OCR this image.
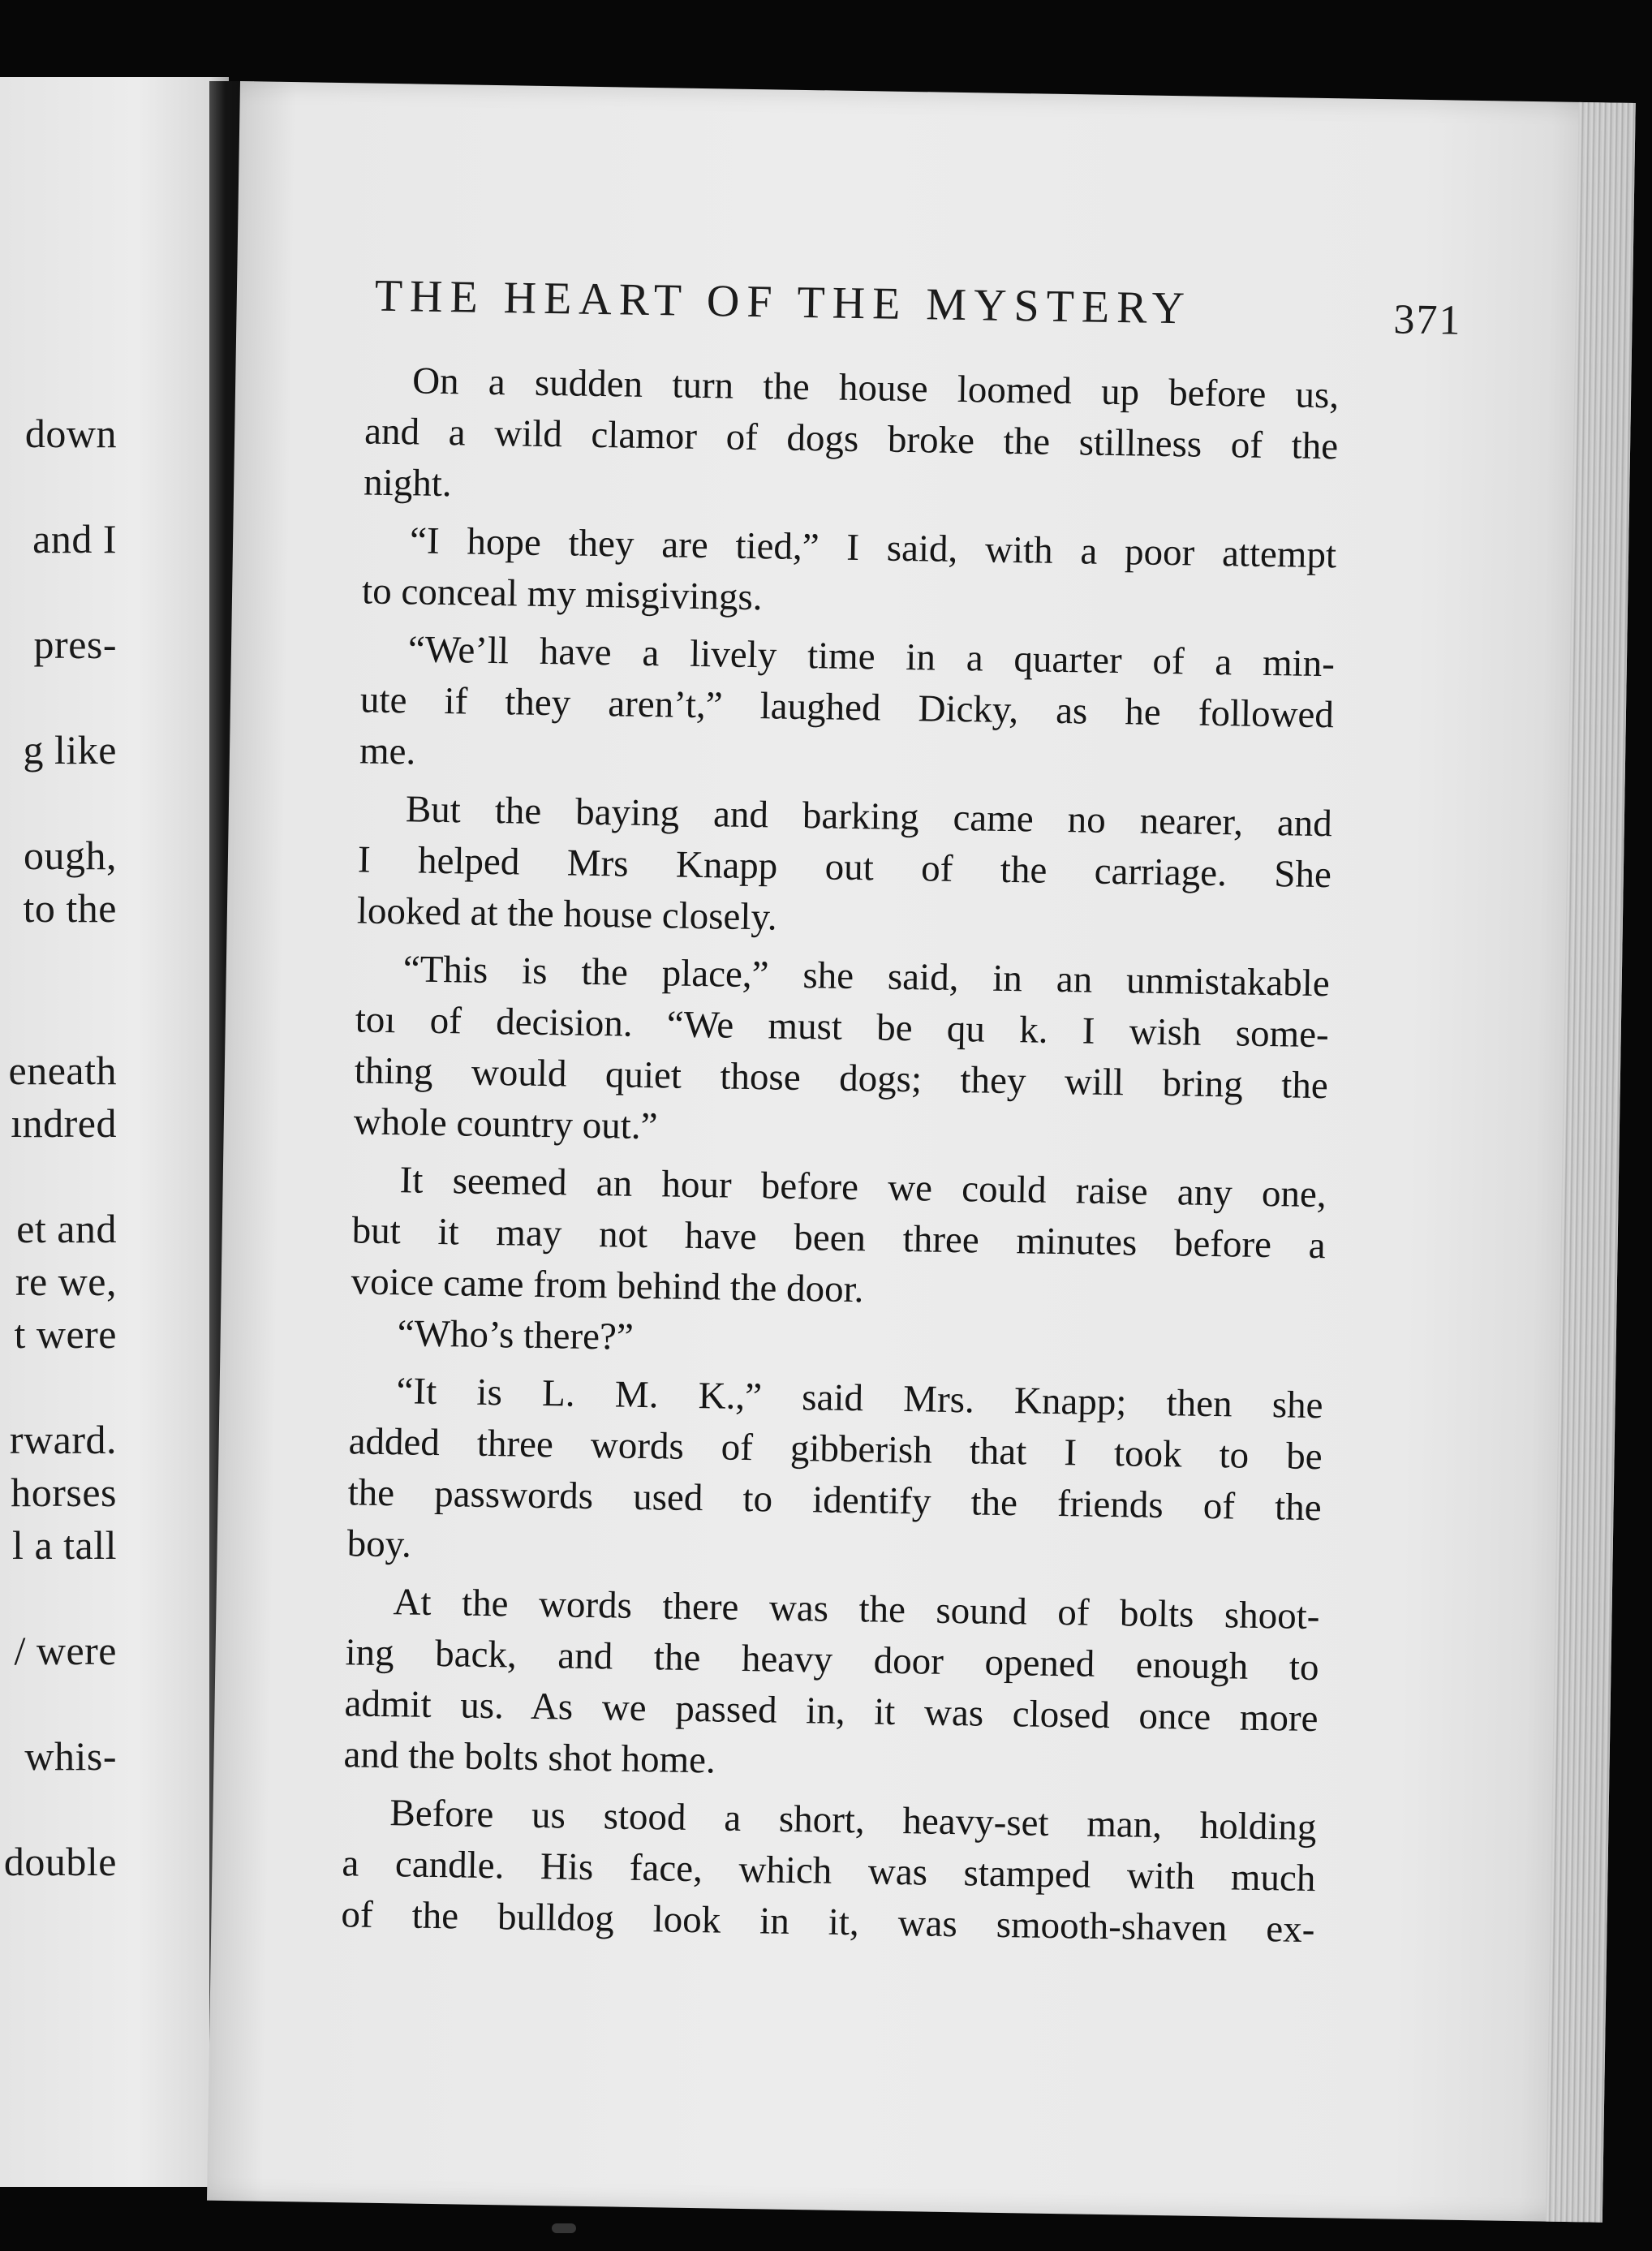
down
and I
pres-
g like
ough,
to the
eneath
ındred
et and
re we,
t were
rward.
horses
l a tall
/ were
whis-
double
THE HEART OF THE MYSTERY	371
On a sudden turn the house loomed up before us,
and a wild clamor of dogs broke the stillness of the
night.
“I hope they are tied,” I said, with a poor attempt
to conceal my misgivings.
“We’ll have a lively time in a quarter of a min-
ute if they aren’t,” laughed Dicky, as he followed
me.
But the baying and barking came no nearer, and
I helped Mrs Knapp out of the carriage. She
looked at the house closely.
“This is the place,” she said, in an unmistakable
toı of decision. “We must be qu k. I wish some-
thing would quiet those dogs; they will bring the
whole country out.”
It seemed an hour before we could raise any one,
but it may not have been three minutes before a
voice came from behind the door.
“Who’s there?”
“It is L. M. K.,” said Mrs. Knapp; then she
added three words of gibberish that I took to be
the passwords used to identify the friends of the
boy.
At the words there was the sound of bolts shoot-
ing back, and the heavy door opened enough to
admit us. As we passed in, it was closed once more
and the bolts shot home.
Before us stood a short, heavy-set man, holding
a candle. His face, which was stamped with much
of the bulldog look in it, was smooth-shaven ex-
